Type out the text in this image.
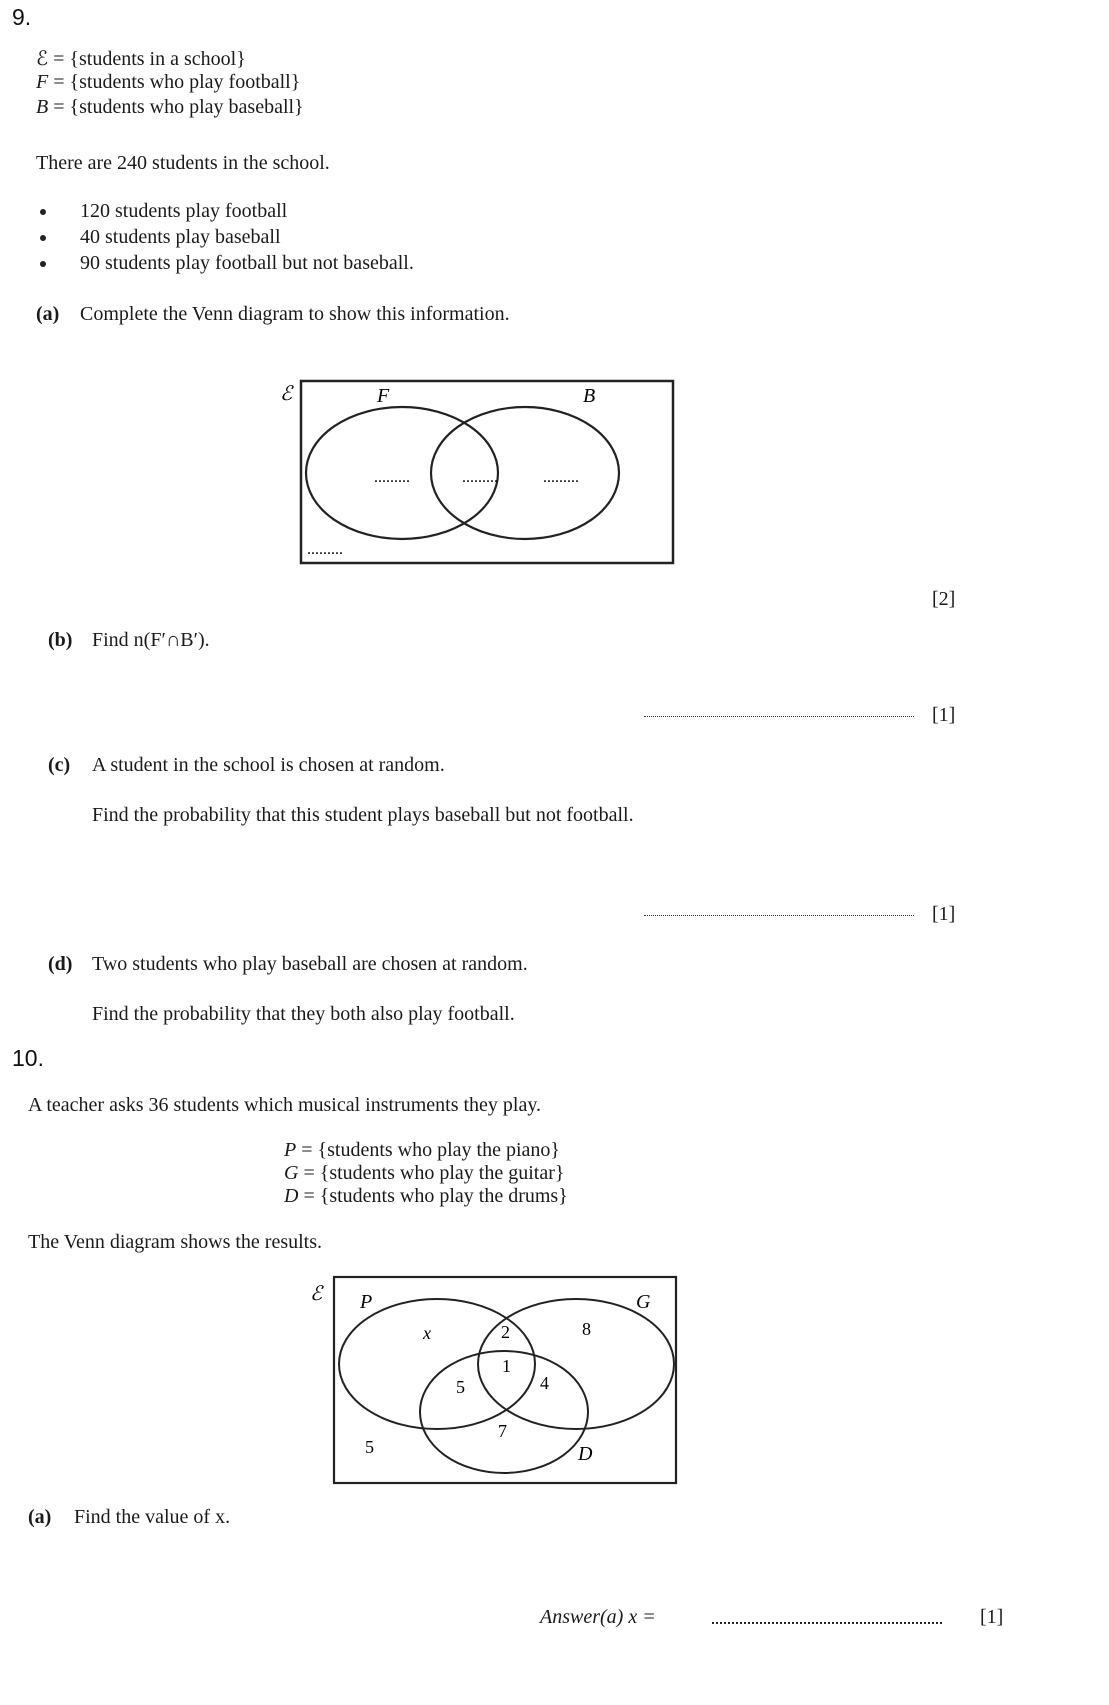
9.
ℰ = {students in a school}
F = {students who play football}
B = {students who play baseball}
There are 240 students in the school.
120 students play football
40 students play baseball
90 students play football but not baseball.
(a) Complete the Venn diagram to show this information.
ℰ	F	B
.........	.........	.........
.........
[2]
(b) Find n(F′∩B′).
[1]
(c) A student in the school is chosen at random.
Find the probability that this student plays baseball but not football.
[1]
(d) Two students who play baseball are chosen at random.
Find the probability that they both also play football.
10.
A teacher asks 36 students which musical instruments they play.
P = {students who play the piano}
G = {students who play the guitar}
D = {students who play the drums}
The Venn diagram shows the results.
ℰ P	G
D
x	2	8
5
1
4
7
5
(a) Find the value of x.
Answer(a) x =	[1]
